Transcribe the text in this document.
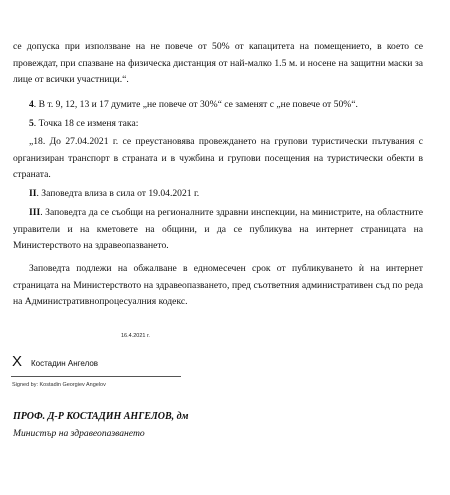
се допуска при използване на не повече от 50% от капацитета на помещението, в което се провеждат, при спазване на физическа дистанция от най-малко 1.5 м. и носене на защитни маски за лице от всички участници.“.

4. В т. 9, 12, 13 и 17 думите „не повече от 30%“ се заменят с „не повече от 50%“.
5. Точка 18 се изменя така:

„18. До 27.04.2021 г. се преустановява провеждането на групови туристически пътувания с организиран транспорт в страната и в чужбина и групови посещения на туристически обекти в страната.

II. Заповедта влиза в сила от 19.04.2021 г.

III. Заповедта да се съобщи на регионалните здравни инспекции, на министрите, на областните управители и на кметовете на общини, и да се публикува на интернет страницата на Министерството на здравеопазването.

Заповедта подлежи на обжалване в едномесечен срок от публикуването ѝ на интернет страницата на Министерството на здравеопазването, пред съответния административен съд по реда на Административнопроцесуалния кодекс.

16.4.2021 г.
X Костадин Ангелов
Signed by: Kostadin Georgiev Angelov
ПРОФ. Д-Р КОСТАДИН АНГЕЛОВ, дм
Министър на здравеопазването
